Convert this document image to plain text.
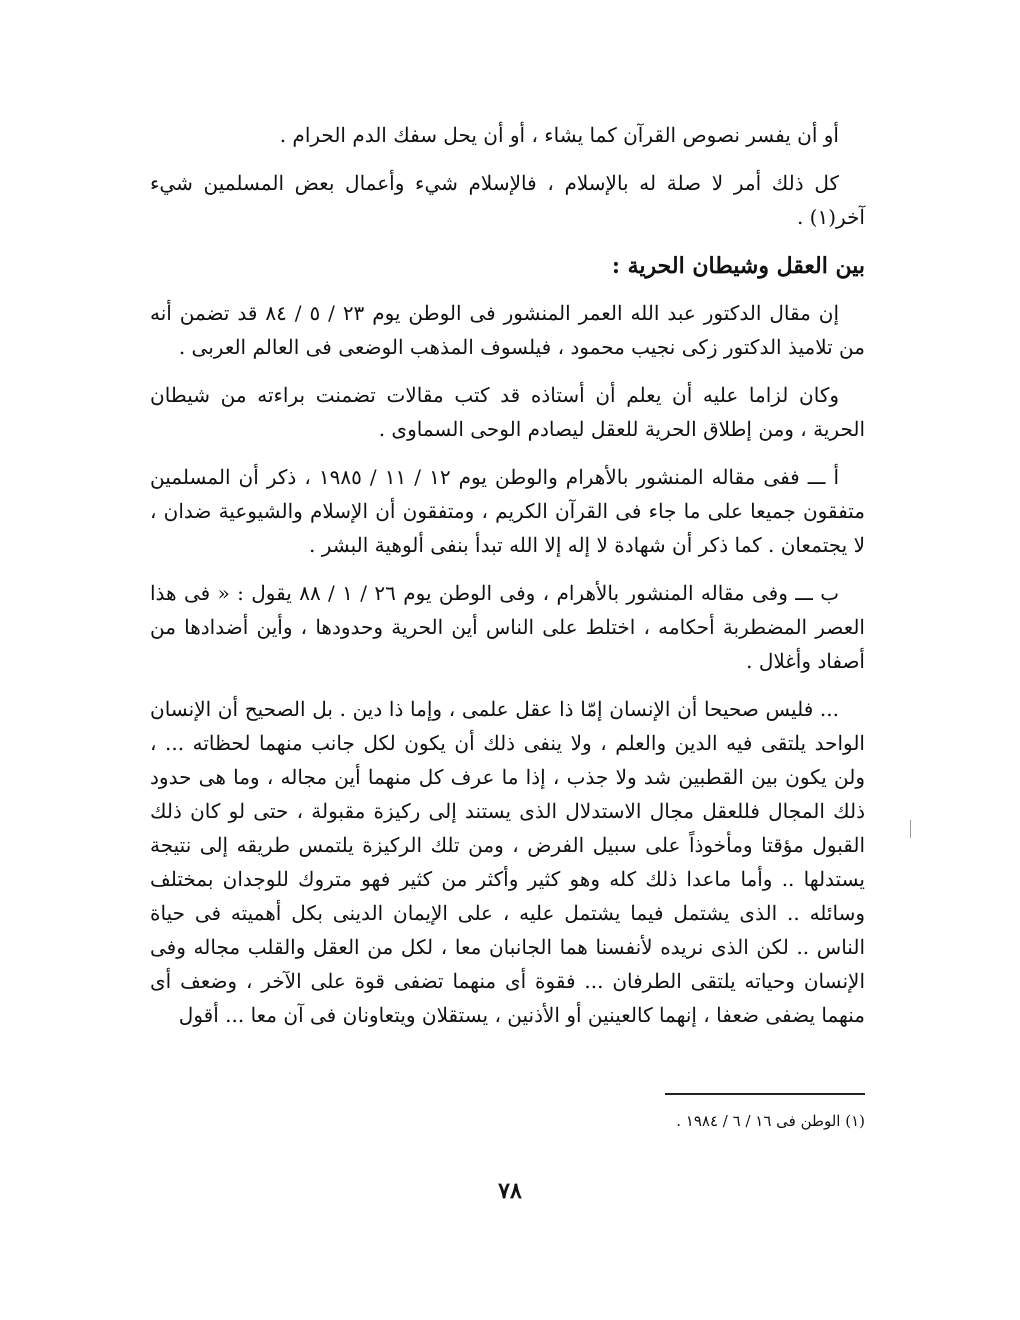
أو أن يفسر نصوص القرآن كما يشاء ، أو أن يحل سفك الدم الحرام .

كل ذلك أمر لا صلة له بالإسلام ، فالإسلام شيء وأعمال بعض المسلمين شيء آخر(١) .

بين العقل وشيطان الحرية :

إن مقال الدكتور عبد الله العمر المنشور فى الوطن يوم ٢٣ / ٥ / ٨٤ قد تضمن أنه من تلاميذ الدكتور زكى نجيب محمود ، فيلسوف المذهب الوضعى فى العالم العربى .

وكان لزاما عليه أن يعلم أن أستاذه قد كتب مقالات تضمنت براءته من شيطان الحرية ، ومن إطلاق الحرية للعقل ليصادم الوحى السماوى .

أ ـــ ففى مقاله المنشور بالأهرام والوطن يوم ١٢ / ١١ / ١٩٨٥ ، ذكر أن المسلمين متفقون جميعا على ما جاء فى القرآن الكريم ، ومتفقون أن الإسلام والشيوعية ضدان ، لا يجتمعان . كما ذكر أن شهادة لا إله إلا الله تبدأ بنفى ألوهية البشر .

ب ـــ وفى مقاله المنشور بالأهرام ، وفى الوطن يوم ٢٦ / ١ / ٨٨ يقول : « فى هذا العصر المضطربة أحكامه ، اختلط على الناس أين الحرية وحدودها ، وأين أضدادها من أصفاد وأغلال .

... فليس صحيحا أن الإنسان إمّا ذا عقل علمى ، وإما ذا دين . بل الصحيح أن الإنسان الواحد يلتقى فيه الدين والعلم ، ولا ينفى ذلك أن يكون لكل جانب منهما لحظاته ... ، ولن يكون بين القطبين شد ولا جذب ، إذا ما عرف كل منهما أين مجاله ، وما هى حدود ذلك المجال فللعقل مجال الاستدلال الذى يستند إلى ركيزة مقبولة ، حتى لو كان ذلك القبول مؤقتا ومأخوذاً على سبيل الفرض ، ومن تلك الركيزة يلتمس طريقه إلى نتيجة يستدلها .. وأما ماعدا ذلك كله وهو كثير وأكثر من كثير فهو متروك للوجدان بمختلف وسائله .. الذى يشتمل فيما يشتمل عليه ، على الإيمان الدينى بكل أهميته فى حياة الناس .. لكن الذى نريده لأنفسنا هما الجانبان معا ، لكل من العقل والقلب مجاله وفى الإنسان وحياته يلتقى الطرفان ... فقوة أى منهما تضفى قوة على الآخر ، وضعف أى منهما يضفى ضعفا ، إنهما كالعينين أو الأذنين ، يستقلان ويتعاونان فى آن معا ... أقول

(١) الوطن فى ١٦ / ٦ / ١٩٨٤ .
٧٨
